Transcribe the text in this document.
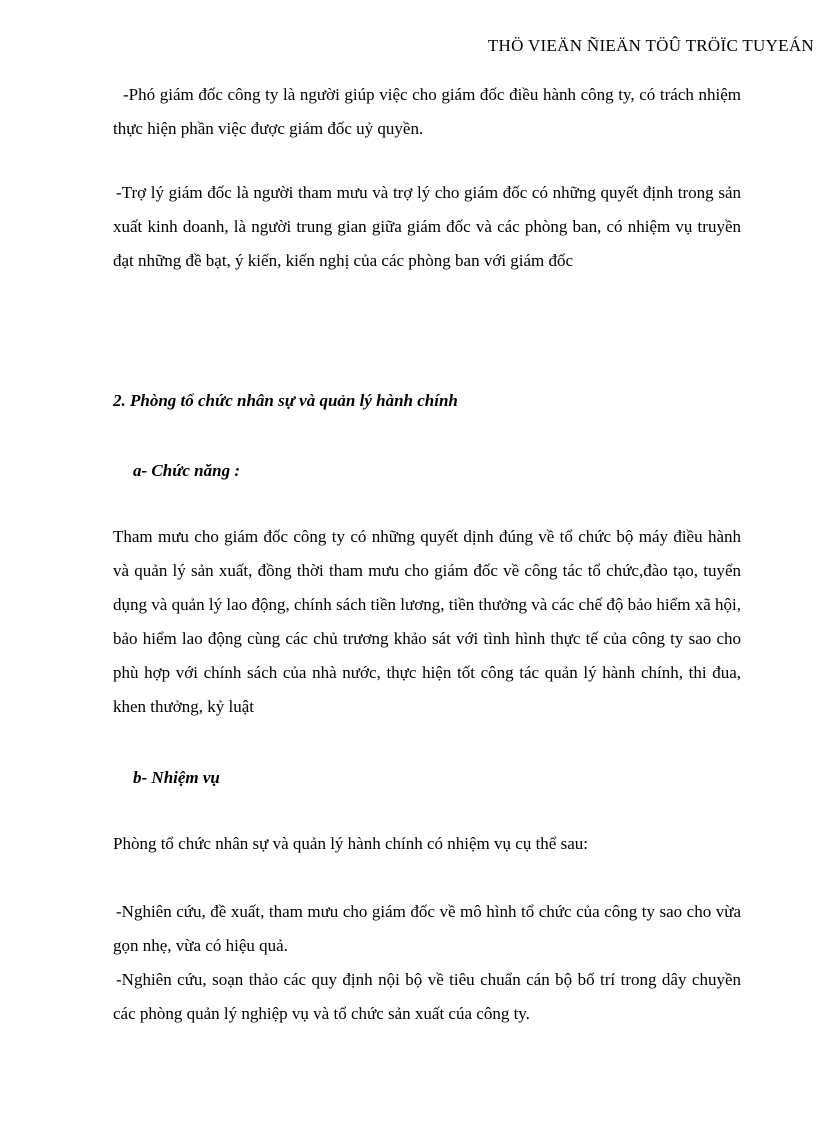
THÖ VIEÄN ÑIEÄN TÖÛ TRÖÏC TUYEÁN

-Phó giám đốc công ty là người giúp việc cho giám đốc điều hành công ty, có trách nhiệm thực hiện phần việc được giám đốc uỷ quyền.

-Trợ lý giám đốc là người tham mưu và trợ lý cho giám đốc có những quyết định trong sản xuất kinh doanh, là người trung gian giữa giám đốc và các phòng ban, có nhiệm vụ truyền đạt những đề bạt, ý kiến, kiến nghị của các phòng ban với giám đốc

2. Phòng tổ chức nhân sự và quản lý hành chính
a- Chức năng :

Tham mưu cho giám đốc công ty có những quyết dịnh đúng về tổ chức bộ máy điều hành và quản lý sản xuất, đồng thời tham mưu cho giám đốc về công tác tổ chức,đào tạo, tuyển dụng và quản lý lao động, chính sách tiền lương, tiền thưởng và các chế độ bảo hiểm xã hội, bảo hiểm lao động cùng các chủ trương khảo sát với tình hình thực tế của công ty sao cho phù hợp với chính sách của nhà nước, thực hiện tốt công tác quản lý hành chính, thi đua, khen thưởng, kỷ luật

b- Nhiệm vụ

Phòng tổ chức nhân sự và quản lý hành chính có nhiệm vụ cụ thể sau:

-Nghiên cứu, đề xuất, tham mưu cho giám đốc về mô hình tổ chức của công ty sao cho vừa gọn nhẹ, vừa có hiệu quả.

-Nghiên cứu, soạn thảo các quy định nội bộ về tiêu chuẩn cán bộ bố trí trong dây chuyền các phòng quản lý nghiệp vụ và tổ chức sản xuất cúa công ty.
